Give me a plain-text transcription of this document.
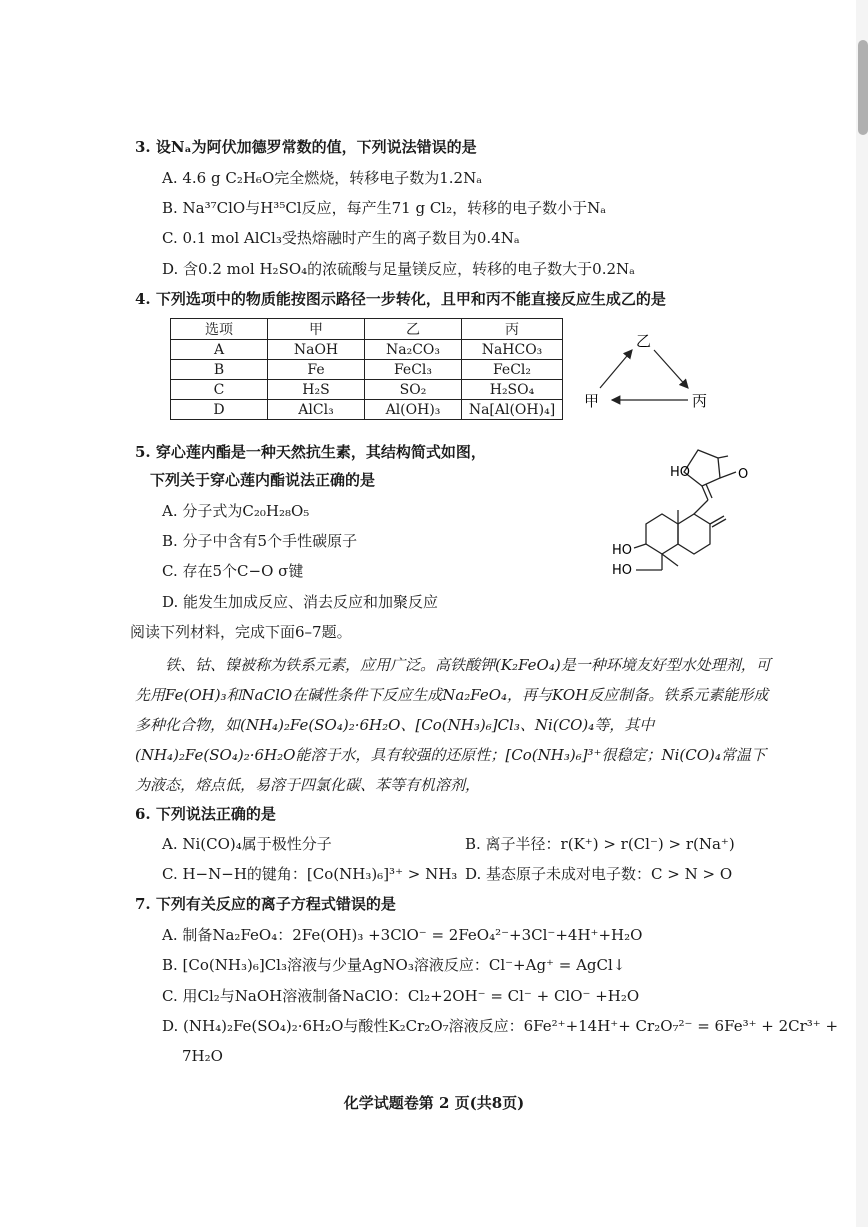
3. 设Nₐ为阿伏加德罗常数的值，下列说法错误的是
A. 4.6 g C₂H₆O完全燃烧，转移电子数为1.2Nₐ
B. Na³⁷ClO与H³⁵Cl反应，每产生71 g Cl₂，转移的电子数小于Nₐ
C. 0.1 mol AlCl₃受热熔融时产生的离子数目为0.4Nₐ
D. 含0.2 mol H₂SO₄的浓硫酸与足量镁反应，转移的电子数大于0.2Nₐ
4. 下列选项中的物质能按图示路径一步转化，且甲和丙不能直接反应生成乙的是
选项	甲	乙	丙
A	NaOH	Na₂CO₃	NaHCO₃
B	Fe	FeCl₃	FeCl₂
C	H₂S	SO₂	H₂SO₄
D	AlCl₃	Al(OH)₃	Na[Al(OH)₄]
乙
甲	丙
5. 穿心莲内酯是一种天然抗生素，其结构简式如图，
下列关于穿心莲内酯说法正确的是
A. 分子式为C₂₀H₂₈O₅
B. 分子中含有5个手性碳原子
C. 存在5个C−O σ键
D. 能发生加成反应、消去反应和加聚反应
HO	O
HO
HO
阅读下列材料，完成下面6–7题。
铁、钴、镍被称为铁系元素，应用广泛。高铁酸钾(K₂FeO₄)是一种环境友好型水处理剂，可先用Fe(OH)₃和NaClO在碱性条件下反应生成Na₂FeO₄，再与KOH反应制备。铁系元素能形成多种化合物，如(NH₄)₂Fe(SO₄)₂·6H₂O、[Co(NH₃)₆]Cl₃、Ni(CO)₄等，其中(NH₄)₂Fe(SO₄)₂·6H₂O能溶于水，具有较强的还原性；[Co(NH₃)₆]³⁺很稳定；Ni(CO)₄常温下为液态，熔点低，易溶于四氯化碳、苯等有机溶剂，
6. 下列说法正确的是
A. Ni(CO)₄属于极性分子	B. 离子半径：r(K⁺) > r(Cl⁻) > r(Na⁺)
C. H−N−H的键角：[Co(NH₃)₆]³⁺ > NH₃ D. 基态原子未成对电子数：C > N > O
7. 下列有关反应的离子方程式错误的是
A. 制备Na₂FeO₄：2Fe(OH)₃ +3ClO⁻ = 2FeO₄²⁻+3Cl⁻+4H⁺+H₂O
B. [Co(NH₃)₆]Cl₃溶液与少量AgNO₃溶液反应：Cl⁻+Ag⁺ = AgCl↓
C. 用Cl₂与NaOH溶液制备NaClO：Cl₂+2OH⁻ = Cl⁻ + ClO⁻ +H₂O
D. (NH₄)₂Fe(SO₄)₂·6H₂O与酸性K₂Cr₂O₇溶液反应：6Fe²⁺+14H⁺+ Cr₂O₇²⁻ = 6Fe³⁺ + 2Cr³⁺ +
7H₂O
化学试题卷第 2 页(共8页)
